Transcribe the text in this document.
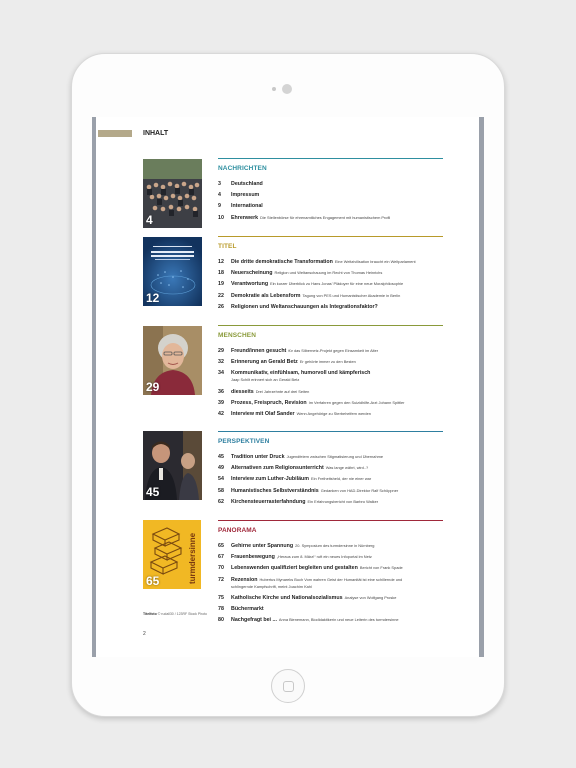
INHALT
4
12
29
45
turmdersinne
65
Titelfoto © rudall30 / 123RF Stock Photo
NACHRICHTEN
3	Deutschland
4	Impressum
9	International
10	Ehrenwerk Die Stellenbörse für ehrenamtliches Engagement mit humanistischem Profil
TITEL
12	Die dritte demokratische Transformation Eine Weltzivilisation braucht ein Weltparlament
18	Neuerscheinung Religion und Weltanschauung im Recht von Thomas Heinrichs
19	Verantwortung Ein kurzer Überblick zu Hans Jonas' Plädoyer für eine neue Moralphilosophie
22	Demokratie als Lebensform Tagung von PES und Humanistischer Akademie in Berlin
26	Religionen und Weltanschauungen als Integrationsfaktor?
MENSCHEN
29	Freund/innen gesucht für das Silbernetz-Projekt gegen Einsamkeit im Alter
32	Erinnerung an Gerald Betz Er gehörte immer zu den Besten
34	Kommunikativ, einfühlsam, humorvoll und kämpferisch
Jaap Schilt erinnert sich an Gerald Betz
36	diesseits Drei Jahrzehnte auf drei Seiten
39	Prozess, Freispruch, Revision Im Verfahren gegen den Suizidhilfe-Arzt Johann Spittler
42	Interview mit Olaf Sander Wenn Angehörige zu Sterbehelfern werden
PERSPEKTIVEN
45	Tradition unter Druck Jugendfeiern zwischen Stigmatisierung und Übernahme
49	Alternativen zum Religionsunterricht Was lange währt, wird..?
54	Interview zum Luther-Jubiläum Ein Freiheitsheld, der nie einer war
58	Humanistisches Selbstverständnis Gedanken von HAD-Direktor Ralf Schöppner
62	Kirchensteuerrasterfahndung Ein Erfahrungsbericht von Barbro Walker
PANORAMA
65	Gehirne unter Spannung 20. Symposium des turmdersinne in Nürnberg
67	Frauenbewegung „Heraus zum 8. März!“ ruft ein neues Infoportal im Netz
70	Lebenswenden qualifiziert begleiten und gestalten Bericht von Frank Spade
72	Rezension Hubertus Mynareks Buch Vom wahren Geist der Humanität ist eine schillernde und
schlingernde Kampfschrift, meint Joachim Kahl
75	Katholische Kirche und Nationalsozialismus Analyse von Wolfgang Proske
78	Büchermarkt
80	Nachgefragt bei ... Anna Bienemann, Biodidaktikerin und neue Leiterin des turmdersinne
2
